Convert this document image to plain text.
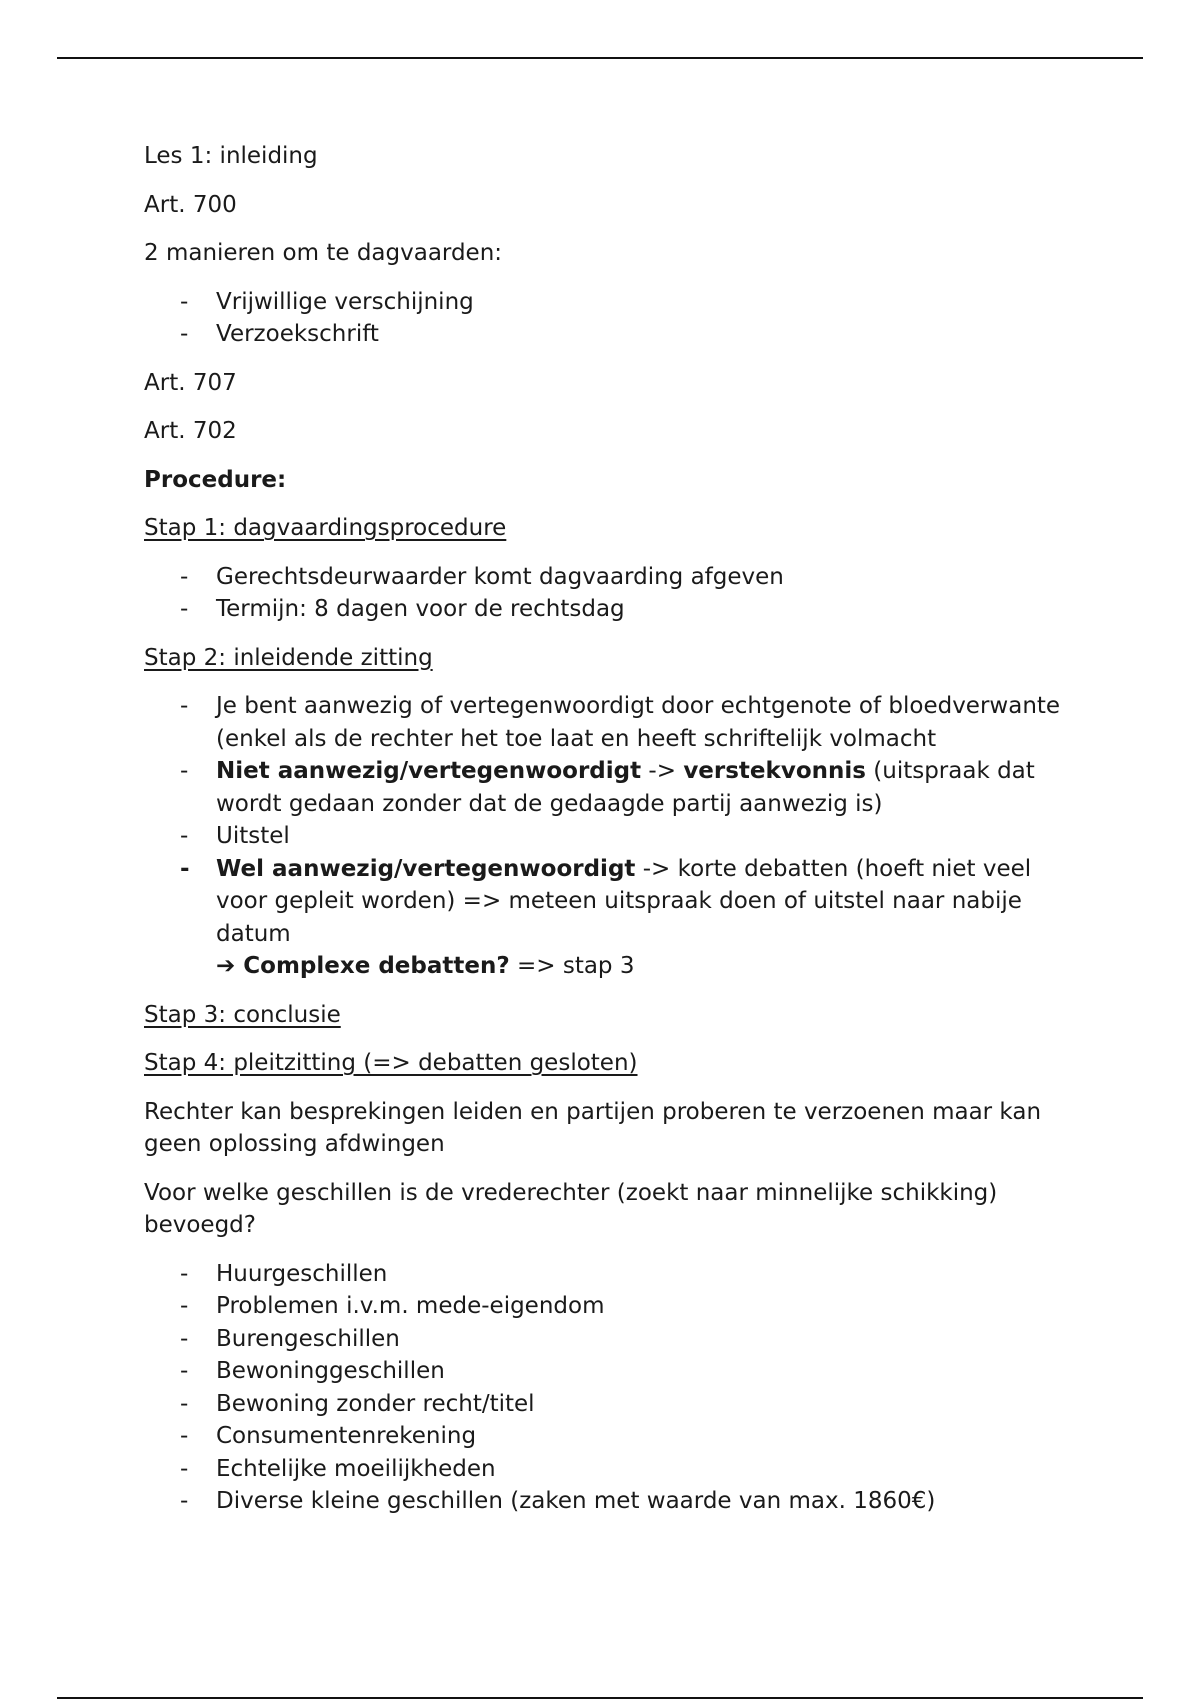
Les 1: inleiding

Art. 700

2 manieren om te dagvaarden:

- Vrijwillige verschijning
- Verzoekschrift

Art. 707

Art. 702

Procedure:

Stap 1: dagvaardingsprocedure

- Gerechtsdeurwaarder komt dagvaarding afgeven
- Termijn: 8 dagen voor de rechtsdag

Stap 2: inleidende zitting

- Je bent aanwezig of vertegenwoordigt door echtgenote of bloedverwante (enkel als de rechter het toe laat en heeft schriftelijk volmacht
- Niet aanwezig/vertegenwoordigt -> verstekvonnis (uitspraak dat wordt gedaan zonder dat de gedaagde partij aanwezig is)
- Uitstel
- Wel aanwezig/vertegenwoordigt -> korte debatten (hoeft niet veel voor gepleit worden) => meteen uitspraak doen of uitstel naar nabije datum
➔ Complexe debatten? => stap 3

Stap 3: conclusie

Stap 4: pleitzitting (=> debatten gesloten)

Rechter kan besprekingen leiden en partijen proberen te verzoenen maar kan geen oplossing afdwingen

Voor welke geschillen is de vrederechter (zoekt naar minnelijke schikking) bevoegd?

- Huurgeschillen
- Problemen i.v.m. mede-eigendom
- Burengeschillen
- Bewoninggeschillen
- Bewoning zonder recht/titel
- Consumentenrekening
- Echtelijke moeilijkheden
- Diverse kleine geschillen (zaken met waarde van max. 1860€)
